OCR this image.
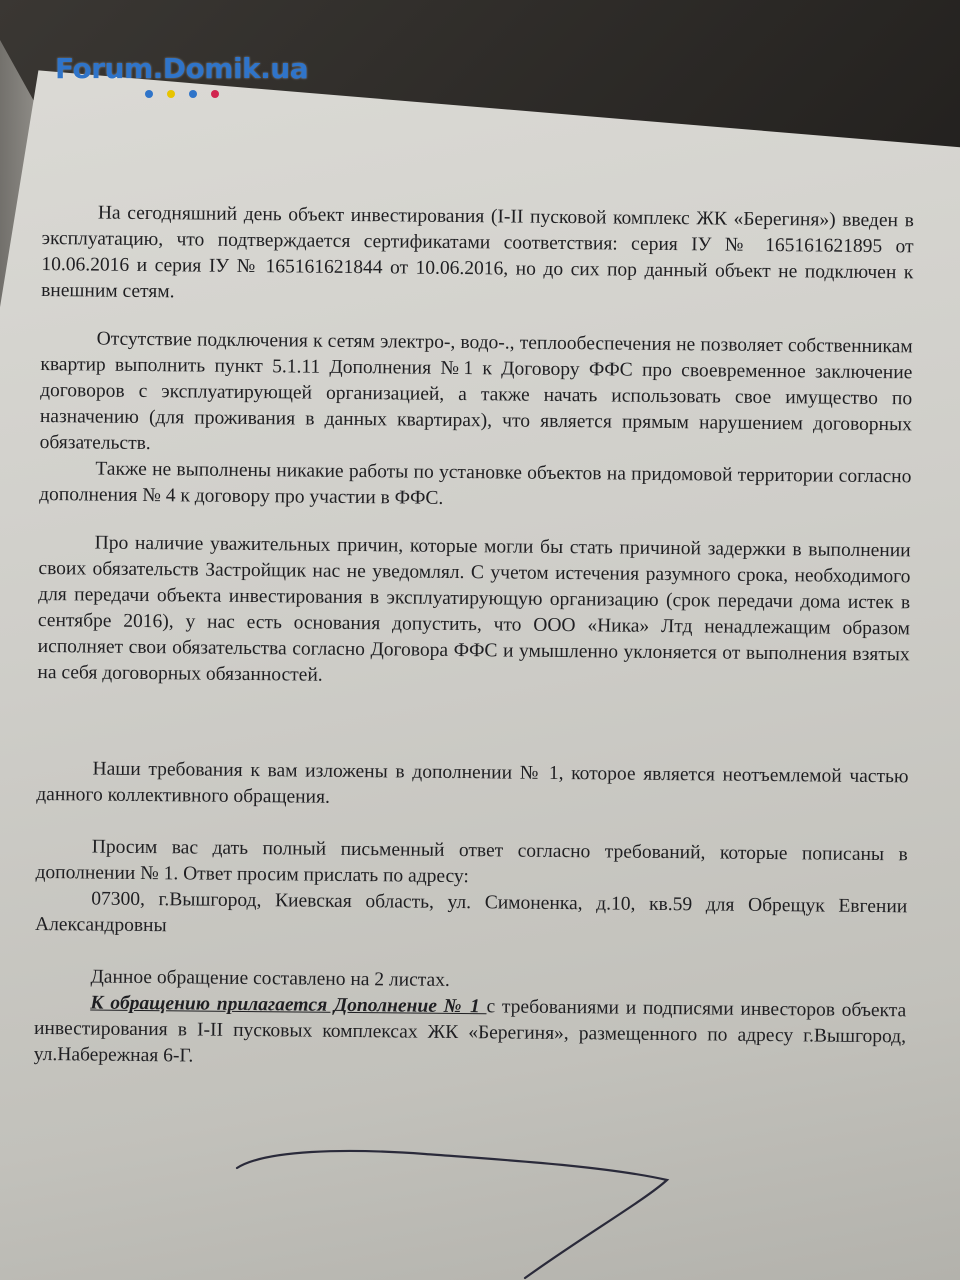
Forum.Domik.ua

На сегодняшний день объект инвестирования (I-II пусковой комплекс ЖК «Берегиня») введен в эксплуатацию, что подтверждается сертификатами соответствия: серия ІУ № 165161621895 от 10.06.2016 и серия ІУ № 165161621844 от 10.06.2016, но до сих пор данный объект не подключен к внешним сетям.

Отсутствие подключения к сетям электро-, водо-., теплообеспечения не позволяет собственникам квартир выполнить пункт 5.1.11 Дополнения №1 к Договору ФФС про своевременное заключение договоров с эксплуатирующей организацией, а также начать использовать свое имущество по назначению (для проживания в данных квартирах), что является прямым нарушением договорных обязательств.

Также не выполнены никакие работы по установке объектов на придомовой территории согласно дополнения № 4 к договору про участии в ФФС.

Про наличие уважительных причин, которые могли бы стать причиной задержки в выполнении своих обязательств Застройщик нас не уведомлял. С учетом истечения разумного срока, необходимого для передачи объекта инвестирования в эксплуатирующую организацию (срок передачи дома истек в сентябре 2016), у нас есть основания допустить, что ООО «Ника» Лтд ненадлежащим образом исполняет свои обязательства согласно Договора ФФС и умышленно уклоняется от выполнения взятых на себя договорных обязанностей.

Наши требования к вам изложены в дополнении № 1, которое является неотъемлемой частью данного коллективного обращения.

Просим вас дать полный письменный ответ согласно требований, которые пописаны в дополнении № 1. Ответ просим прислать по адресу:

07300, г.Вышгород, Киевская область, ул. Симоненка, д.10, кв.59 для Обрещук Евгении Александровны

Данное обращение составлено на 2 листах.

К обращению прилагается Дополнение № 1 с требованиями и подписями инвесторов объекта инвестирования в I-II пусковых комплексах ЖК «Берегиня», размещенного по адресу г.Вышгород, ул.Набережная 6-Г.
